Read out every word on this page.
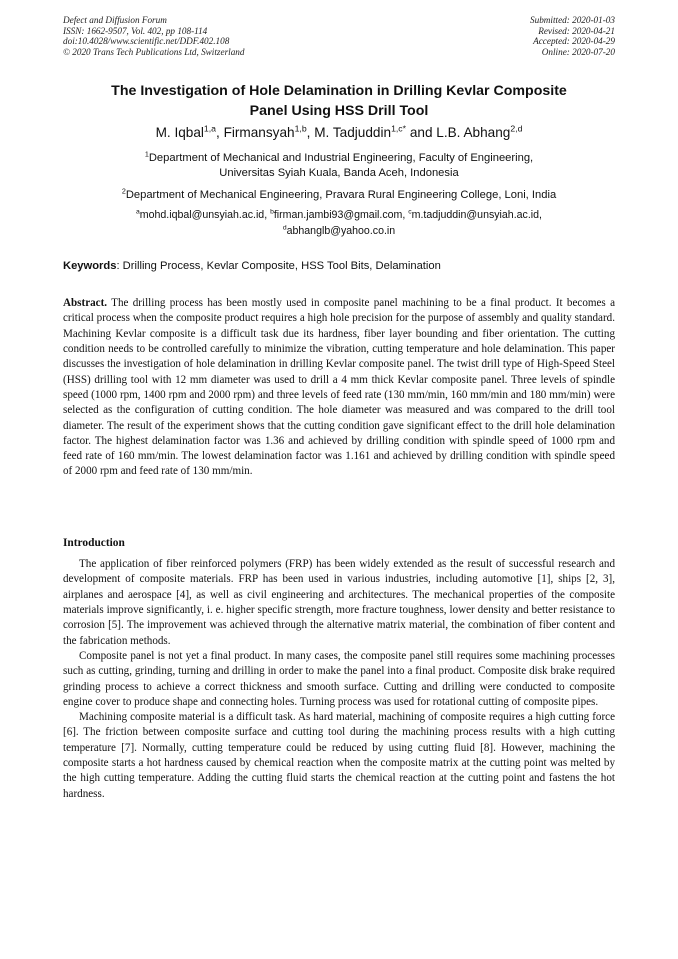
Defect and Diffusion Forum
ISSN: 1662-9507, Vol. 402, pp 108-114
doi:10.4028/www.scientific.net/DDF.402.108
© 2020 Trans Tech Publications Ltd, Switzerland
Submitted: 2020-01-03
Revised: 2020-04-21
Accepted: 2020-04-29
Online: 2020-07-20
The Investigation of Hole Delamination in Drilling Kevlar Composite
Panel Using HSS Drill Tool
M. Iqbal$^{1,a}$, Firmansyah$^{1,b}$, M. Tadjuddin$^{1,c*}$ and L.B. Abhang$^{2,d}$
$^1$Department of Mechanical and Industrial Engineering, Faculty of Engineering,
Universitas Syiah Kuala, Banda Aceh, Indonesia
$^2$Department of Mechanical Engineering, Pravara Rural Engineering College, Loni, India
$^a$mohd.iqbal@unsyiah.ac.id, $^b$firman.jambi93@gmail.com, $^c$m.tadjuddin@unsyiah.ac.id,
$^d$abhanglb@yahoo.co.in
Keywords: Drilling Process, Kevlar Composite, HSS Tool Bits, Delamination
Abstract. The drilling process has been mostly used in composite panel machining to be a final product. It becomes a critical process when the composite product requires a high hole precision for the purpose of assembly and quality standard. Machining Kevlar composite is a difficult task due its hardness, fiber layer bounding and fiber orientation. The cutting condition needs to be controlled carefully to minimize the vibration, cutting temperature and hole delamination. This paper discusses the investigation of hole delamination in drilling Kevlar composite panel. The twist drill type of High-Speed Steel (HSS) drilling tool with 12 mm diameter was used to drill a 4 mm thick Kevlar composite panel. Three levels of spindle speed (1000 rpm, 1400 rpm and 2000 rpm) and three levels of feed rate (130 mm/min, 160 mm/min and 180 mm/min) were selected as the configuration of cutting condition. The hole diameter was measured and was compared to the drill tool diameter. The result of the experiment shows that the cutting condition gave significant effect to the drill hole delamination factor. The highest delamination factor was 1.36 and achieved by drilling condition with spindle speed of 1000 rpm and feed rate of 160 mm/min. The lowest delamination factor was 1.161 and achieved by drilling condition with spindle speed of 2000 rpm and feed rate of 130 mm/min.
Introduction

The application of fiber reinforced polymers (FRP) has been widely extended as the result of successful research and development of composite materials. FRP has been used in various industries, including automotive [1], ships [2, 3], airplanes and aerospace [4], as well as civil engineering and architectures. The mechanical properties of the composite materials improve significantly, i. e. higher specific strength, more fracture toughness, lower density and better resistance to corrosion [5]. The improvement was achieved through the alternative matrix material, the combination of fiber content and the fabrication methods.

Composite panel is not yet a final product. In many cases, the composite panel still requires some machining processes such as cutting, grinding, turning and drilling in order to make the panel into a final product. Composite disk brake required grinding process to achieve a correct thickness and smooth surface. Cutting and drilling were conducted to composite engine cover to produce shape and connecting holes. Turning process was used for rotational cutting of composite pipes.

Machining composite material is a difficult task. As hard material, machining of composite requires a high cutting force [6]. The friction between composite surface and cutting tool during the machining process results with a high cutting temperature [7]. Normally, cutting temperature could be reduced by using cutting fluid [8]. However, machining the composite starts a hot hardness caused by chemical reaction when the composite matrix at the cutting point was melted by the high cutting temperature. Adding the cutting fluid starts the chemical reaction at the cutting point and fastens the hot hardness.
